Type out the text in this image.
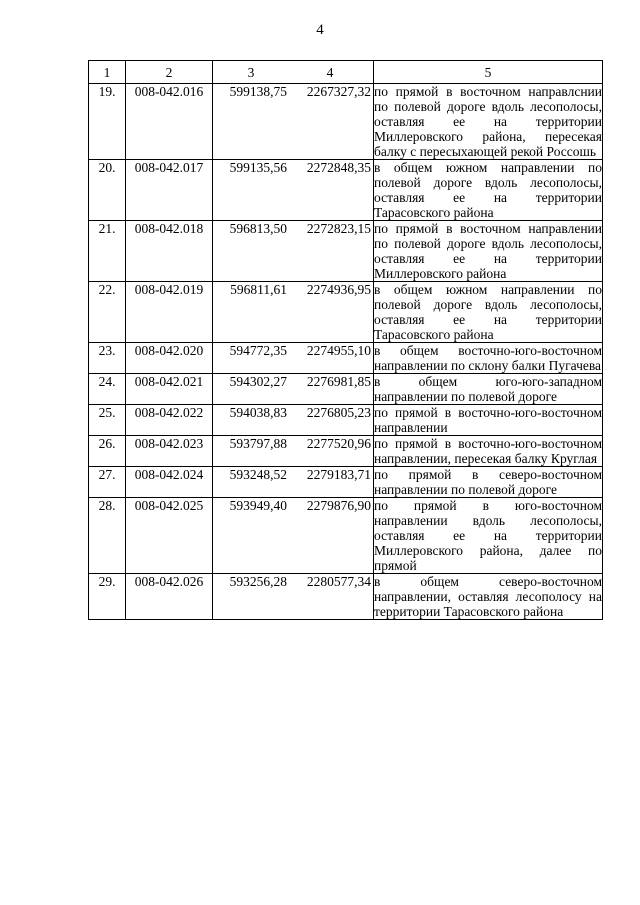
4
1	2	3 4	5
19.	008-042.016	599138,75 2267327,32	по прямой в восточном направлснии по полевой дороге вдоль лесополосы, оставляя ее на территории Миллеровского района, пересекая балку с пересыхающей рекой Россошь
20.	008-042.017	599135,56 2272848,35	в общем южном направлении по полевой дороге вдоль лесополосы, оставляя ее на территории Тарасовского района
21.	008-042.018	596813,50 2272823,15	по прямой в восточном направлении по полевой дороге вдоль лесополосы, оставляя ее на территории Миллеровского района
22.	008-042.019	596811,61 2274936,95	в общем южном направлении по полевой дороге вдоль лесополосы, оставляя ее на территории Тарасовского района
23.	008-042.020	594772,35 2274955,10	в общем восточно-юго-восточном направлении по склону балки Пугачева
24.	008-042.021	594302,27 2276981,85	в общем юго-юго-западном направлении по полевой дороге
25.	008-042.022	594038,83 2276805,23	по прямой в восточно-юго-восточном направлении
26.	008-042.023	593797,88 2277520,96	по прямой в восточно-юго-восточном направлении, пересекая балку Круглая
27.	008-042.024	593248,52 2279183,71	по прямой в северо-восточном направлении по полевой дороге
28.	008-042.025	593949,40 2279876,90	по прямой в юго-восточном направлении вдоль лесополосы, оставляя ее на территории Миллеровского района, далее по прямой
29.	008-042.026	593256,28 2280577,34	в общем северо-восточном направлении, оставляя лесополосу на территории Тарасовского района
